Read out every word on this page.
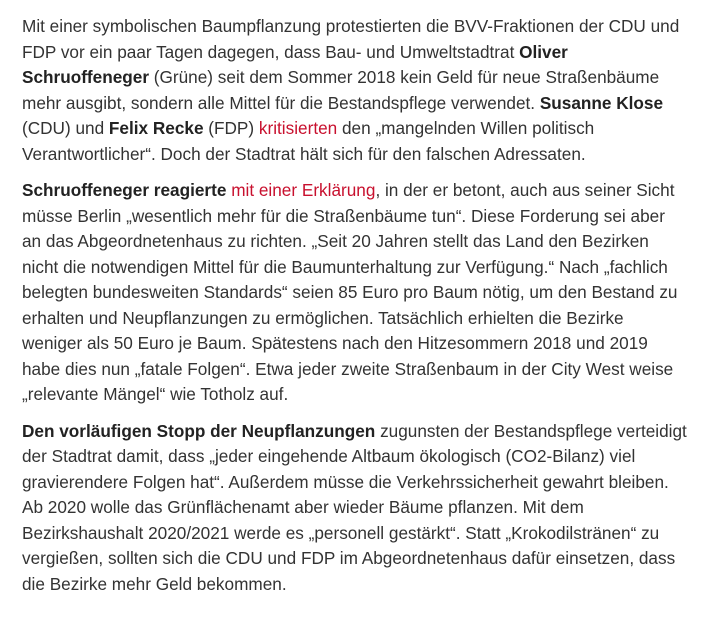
Mit einer symbolischen Baumpflanzung protestierten die BVV-Fraktionen der CDU und FDP vor ein paar Tagen dagegen, dass Bau- und Umweltstadtrat Oliver Schruoffeneger (Grüne) seit dem Sommer 2018 kein Geld für neue Straßenbäume mehr ausgibt, sondern alle Mittel für die Bestandspflege verwendet. Susanne Klose (CDU) und Felix Recke (FDP) kritisierten den „mangelnden Willen politisch Verantwortlicher“. Doch der Stadtrat hält sich für den falschen Adressaten.

Schruoffeneger reagierte mit einer Erklärung, in der er betont, auch aus seiner Sicht müsse Berlin „wesentlich mehr für die Straßenbäume tun“. Diese Forderung sei aber an das Abgeordnetenhaus zu richten. „Seit 20 Jahren stellt das Land den Bezirken nicht die notwendigen Mittel für die Baumunterhaltung zur Verfügung.“ Nach „fachlich belegten bundesweiten Standards“ seien 85 Euro pro Baum nötig, um den Bestand zu erhalten und Neupflanzungen zu ermöglichen. Tatsächlich erhielten die Bezirke weniger als 50 Euro je Baum. Spätestens nach den Hitzesommern 2018 und 2019 habe dies nun „fatale Folgen“. Etwa jeder zweite Straßenbaum in der City West weise „relevante Mängel“ wie Totholz auf.

Den vorläufigen Stopp der Neupflanzungen zugunsten der Bestandspflege verteidigt der Stadtrat damit, dass „jeder eingehende Altbaum ökologisch (CO2-Bilanz) viel gravierendere Folgen hat“. Außerdem müsse die Verkehrssicherheit gewahrt bleiben. Ab 2020 wolle das Grünflächenamt aber wieder Bäume pflanzen. Mit dem Bezirkshaushalt 2020/2021 werde es „personell gestärkt“. Statt „Krokodilstränen“ zu vergießen, sollten sich die CDU und FDP im Abgeordnetenhaus dafür einsetzen, dass die Bezirke mehr Geld bekommen.
